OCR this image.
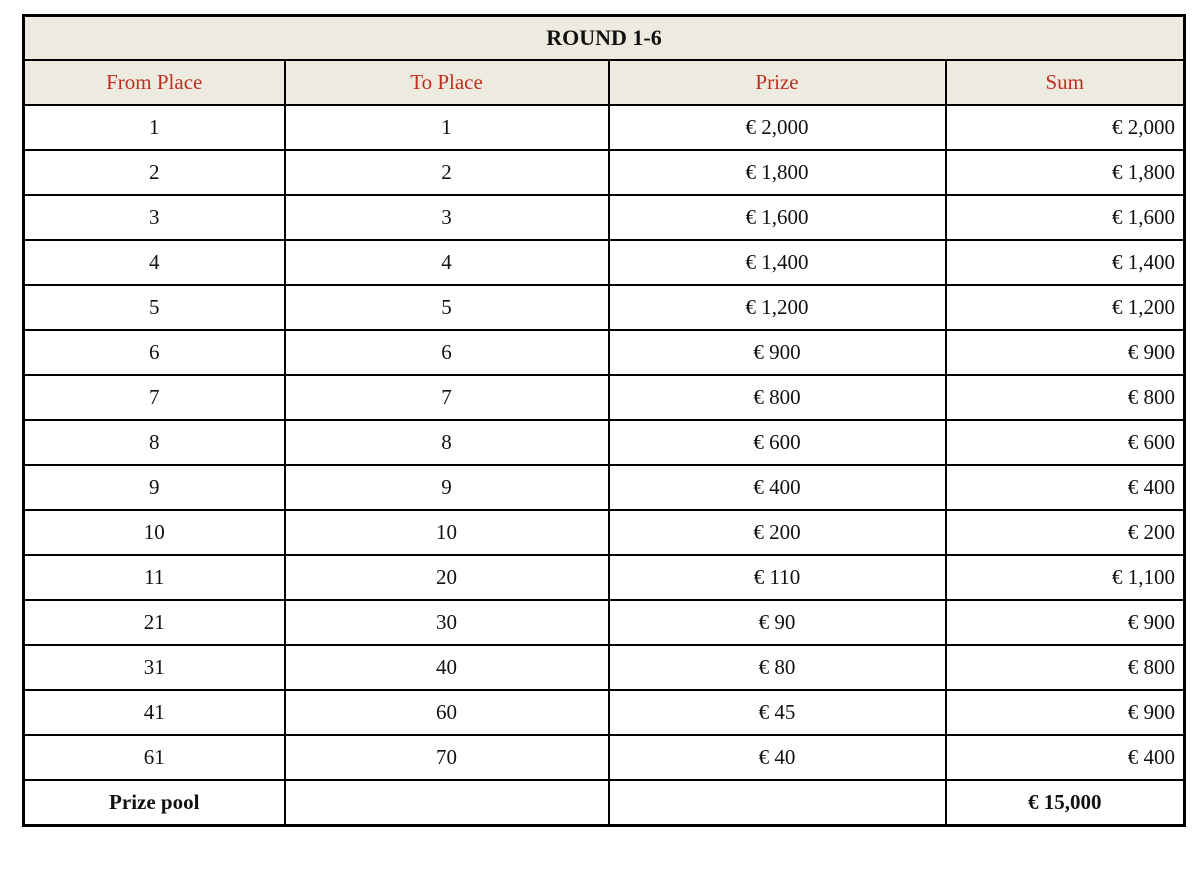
ROUND 1-6			
From Place	To Place	Prize	Sum
1	1	€ 2,000	€ 2,000
2	2	€ 1,800	€ 1,800
3	3	€ 1,600	€ 1,600
4	4	€ 1,400	€ 1,400
5	5	€ 1,200	€ 1,200
6	6	€ 900	€ 900
7	7	€ 800	€ 800
8	8	€ 600	€ 600
9	9	€ 400	€ 400
10	10	€ 200	€ 200
11	20	€ 110	€ 1,100
21	30	€ 90	€ 900
31	40	€ 80	€ 800
41	60	€ 45	€ 900
61	70	€ 40	€ 400
Prize pool			€ 15,000
